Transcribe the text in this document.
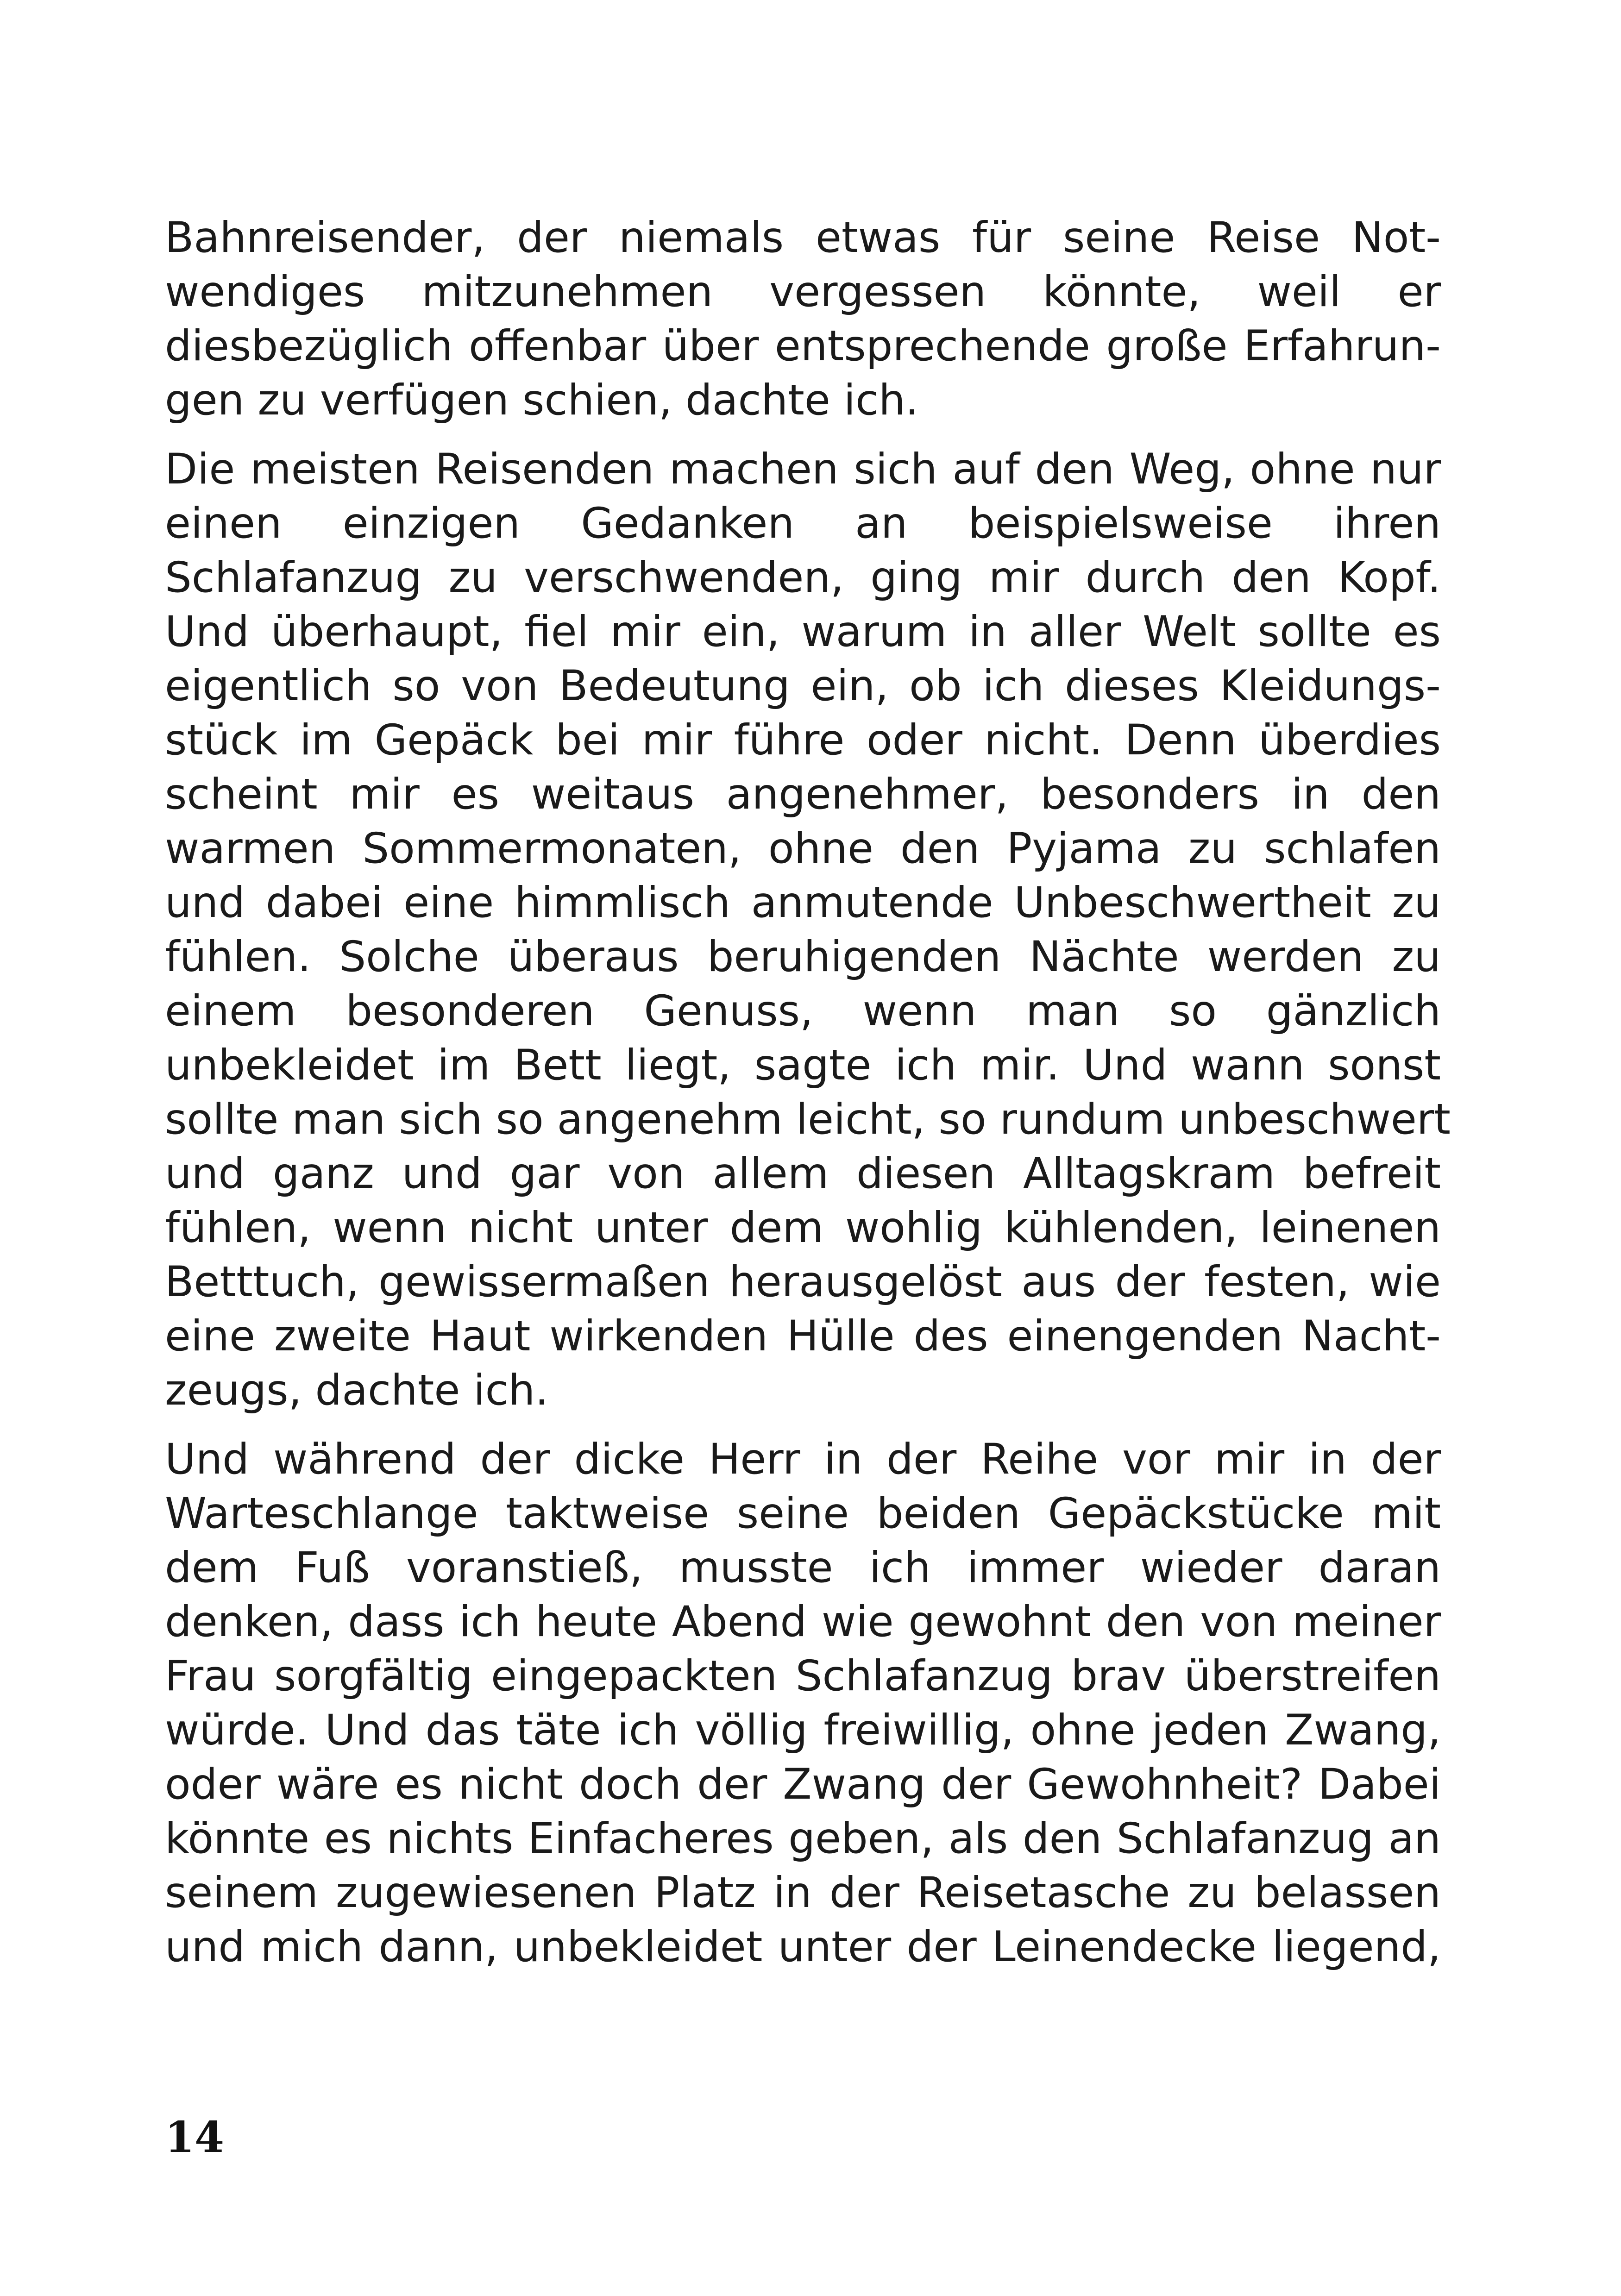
Bahnreisender, der niemals etwas für seine Reise Not-
wendiges mitzunehmen vergessen könnte, weil er
diesbezüglich offenbar über entsprechende große Erfahrun-
gen zu verfügen schien, dachte ich.

Die meisten Reisenden machen sich auf den Weg, ohne nur
einen einzigen Gedanken an beispielsweise ihren
Schlafanzug zu verschwenden, ging mir durch den Kopf.
Und überhaupt, fiel mir ein, warum in aller Welt sollte es
eigentlich so von Bedeutung ein, ob ich dieses Kleidungs-
stück im Gepäck bei mir führe oder nicht. Denn überdies
scheint mir es weitaus angenehmer, besonders in den
warmen Sommermonaten, ohne den Pyjama zu schlafen
und dabei eine himmlisch anmutende Unbeschwertheit zu
fühlen. Solche überaus beruhigenden Nächte werden zu
einem besonderen Genuss, wenn man so gänzlich
unbekleidet im Bett liegt, sagte ich mir. Und wann sonst
sollte man sich so angenehm leicht, so rundum unbeschwert
und ganz und gar von allem diesen Alltagskram befreit
fühlen, wenn nicht unter dem wohlig kühlenden, leinenen
Betttuch, gewissermaßen herausgelöst aus der festen, wie
eine zweite Haut wirkenden Hülle des einengenden Nacht-
zeugs, dachte ich.

Und während der dicke Herr in der Reihe vor mir in der
Warteschlange taktweise seine beiden Gepäckstücke mit
dem Fuß voranstieß, musste ich immer wieder daran
denken, dass ich heute Abend wie gewohnt den von meiner
Frau sorgfältig eingepackten Schlafanzug brav überstreifen
würde. Und das täte ich völlig freiwillig, ohne jeden Zwang,
oder wäre es nicht doch der Zwang der Gewohnheit? Dabei
könnte es nichts Einfacheres geben, als den Schlafanzug an
seinem zugewiesenen Platz in der Reisetasche zu belassen
und mich dann, unbekleidet unter der Leinendecke liegend,

14
